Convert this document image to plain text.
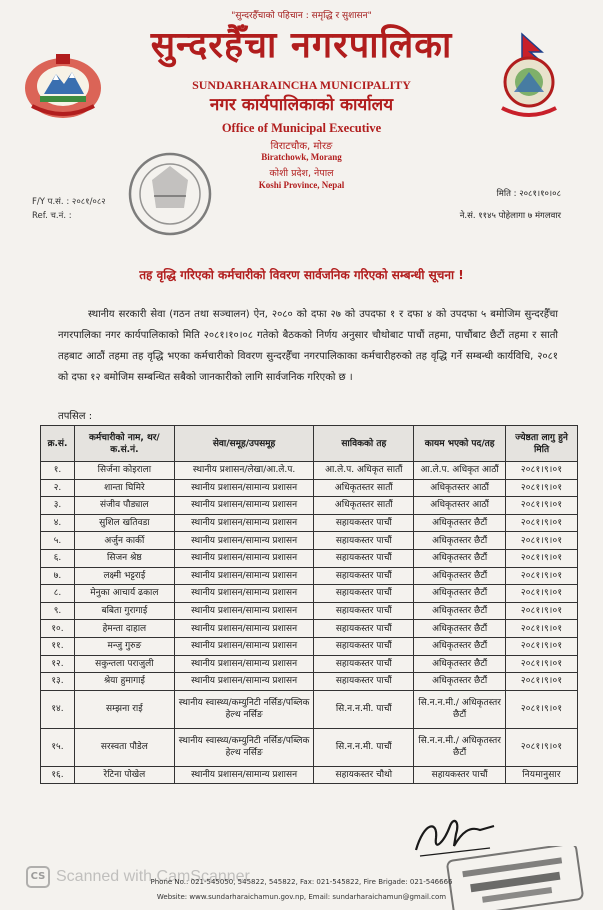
"सुन्दरहैँचाको पहिचान : समृद्धि र सुशासन"
सुन्दरहैँचा नगरपालिका
SUNDARHARAINCHA MUNICIPALITY
नगर कार्यपालिकाको कार्यालय
Office of Municipal Executive
विराटचौक, मोरङ
Biratchowk, Morang
कोशी प्रदेश, नेपाल
Koshi Province, Nepal
F/Y प.सं. : २०८१/०८२
Ref. च.नं. :
मिति : २०८१।१०।०८
ने.सं. ११४५ पोहेलागा ७ मंगलवार
तह वृद्धि गरिएको कर्मचारीको विवरण सार्वजनिक गरिएको सम्बन्धी सूचना !
स्थानीय सरकारी सेवा (गठन तथा सञ्चालन) ऐन, २०८० को दफा २७ को उपदफा १ र दफा ४ को उपदफा ५ बमोजिम सुन्दरहैँचा नगरपालिका नगर कार्यपालिकाको मिति २०८१।१०।०८ गतेको बैठकको निर्णय अनुसार चौथोबाट पाचौं तहमा, पाचौंबाट छैटौं तहमा र सातौ तहबाट आठौं तहमा तह वृद्धि भएका कर्मचारीको विवरण सुन्दरहैँचा नगरपालिकाका कर्मचारीहरुको तह वृद्धि गर्ने सम्बन्धी कार्यविधि, २०८१ को दफा १२ बमोजिम सम्बन्धित सबैको जानकारीको लागि सार्वजनिक गरिएको छ ।
तपसिल :
क्र.सं.	कर्मचारीको नाम, थर/क.सं.नं.	सेवा/समूह/उपसमूह	साविकको तह	कायम भएको पद/तह	ज्येष्ठता लागु हुने मिति
१.	सिर्जना कोइराला	स्थानीय प्रशासन/लेखा/आ.ले.प.	आ.ले.प. अधिकृत सातौं	आ.ले.प. अधिकृत आठौं	२०८१।९।०१
२.	शान्ता घिमिरे	स्थानीय प्रशासन/सामान्य प्रशासन	अधिकृतस्तर सातौं	अधिकृतस्तर आठौं	२०८१।९।०१
३.	संजीव पौड्याल	स्थानीय प्रशासन/सामान्य प्रशासन	अधिकृतस्तर सातौं	अधिकृतस्तर आठौं	२०८१।९।०१
४.	सुशिल खतिवडा	स्थानीय प्रशासन/सामान्य प्रशासन	सहायकस्तर पाचौं	अधिकृतस्तर छैटौं	२०८१।९।०१
५.	अर्जुन कार्की	स्थानीय प्रशासन/सामान्य प्रशासन	सहायकस्तर पाचौं	अधिकृतस्तर छैटौं	२०८१।९।०१
६.	सिजन श्रेष्ठ	स्थानीय प्रशासन/सामान्य प्रशासन	सहायकस्तर पाचौं	अधिकृतस्तर छैटौं	२०८१।९।०१
७.	लक्ष्मी भट्टराई	स्थानीय प्रशासन/सामान्य प्रशासन	सहायकस्तर पाचौं	अधिकृतस्तर छैटौं	२०८१।९।०१
८.	मेनुका आचार्य ढकाल	स्थानीय प्रशासन/सामान्य प्रशासन	सहायकस्तर पाचौं	अधिकृतस्तर छैटौं	२०८१।९।०१
९.	बबिता गुरागाई	स्थानीय प्रशासन/सामान्य प्रशासन	सहायकस्तर पाचौं	अधिकृतस्तर छैटौं	२०८१।९।०१
१०.	हेमन्ता दाहाल	स्थानीय प्रशासन/सामान्य प्रशासन	सहायकस्तर पाचौं	अधिकृतस्तर छैटौं	२०८१।९।०१
११.	मन्जु गुरुङ	स्थानीय प्रशासन/सामान्य प्रशासन	सहायकस्तर पाचौं	अधिकृतस्तर छैटौं	२०८१।९।०१
१२.	सकुन्तला पराजुली	स्थानीय प्रशासन/सामान्य प्रशासन	सहायकस्तर पाचौं	अधिकृतस्तर छैटौं	२०८१।९।०१
१३.	श्रेया हुमागाई	स्थानीय प्रशासन/सामान्य प्रशासन	सहायकस्तर पाचौं	अधिकृतस्तर छैटौं	२०८१।९।०१
१४.	सम्झना राई	स्थानीय स्वास्थ्य/कम्युनिटी नर्सिङ/पब्लिक हेल्थ नर्सिङ	सि.न.न.मी. पाचौं	सि.न.न.मी./ अधिकृतस्तर छैटौं	२०८१।९।०१
१५.	सरस्वता पौडेल	स्थानीय स्वास्थ्य/कम्युनिटी नर्सिङ/पब्लिक हेल्थ नर्सिङ	सि.न.न.मी. पाचौं	सि.न.न.मी./ अधिकृतस्तर छैटौं	२०८१।९।०१
१६.	रेटिना पोखेल	स्थानीय प्रशासन/सामान्य प्रशासन	सहायकस्तर चौथो	सहायकस्तर पाचौं	नियमानुसार
CS Scanned with CamScanner
Phone No.: 021-545050, 545822, 545822, Fax: 021-545822, Fire Brigade: 021-546666
Website: www.sundarharaichamun.gov.np, Email: sundarharaichamun@gmail.com
